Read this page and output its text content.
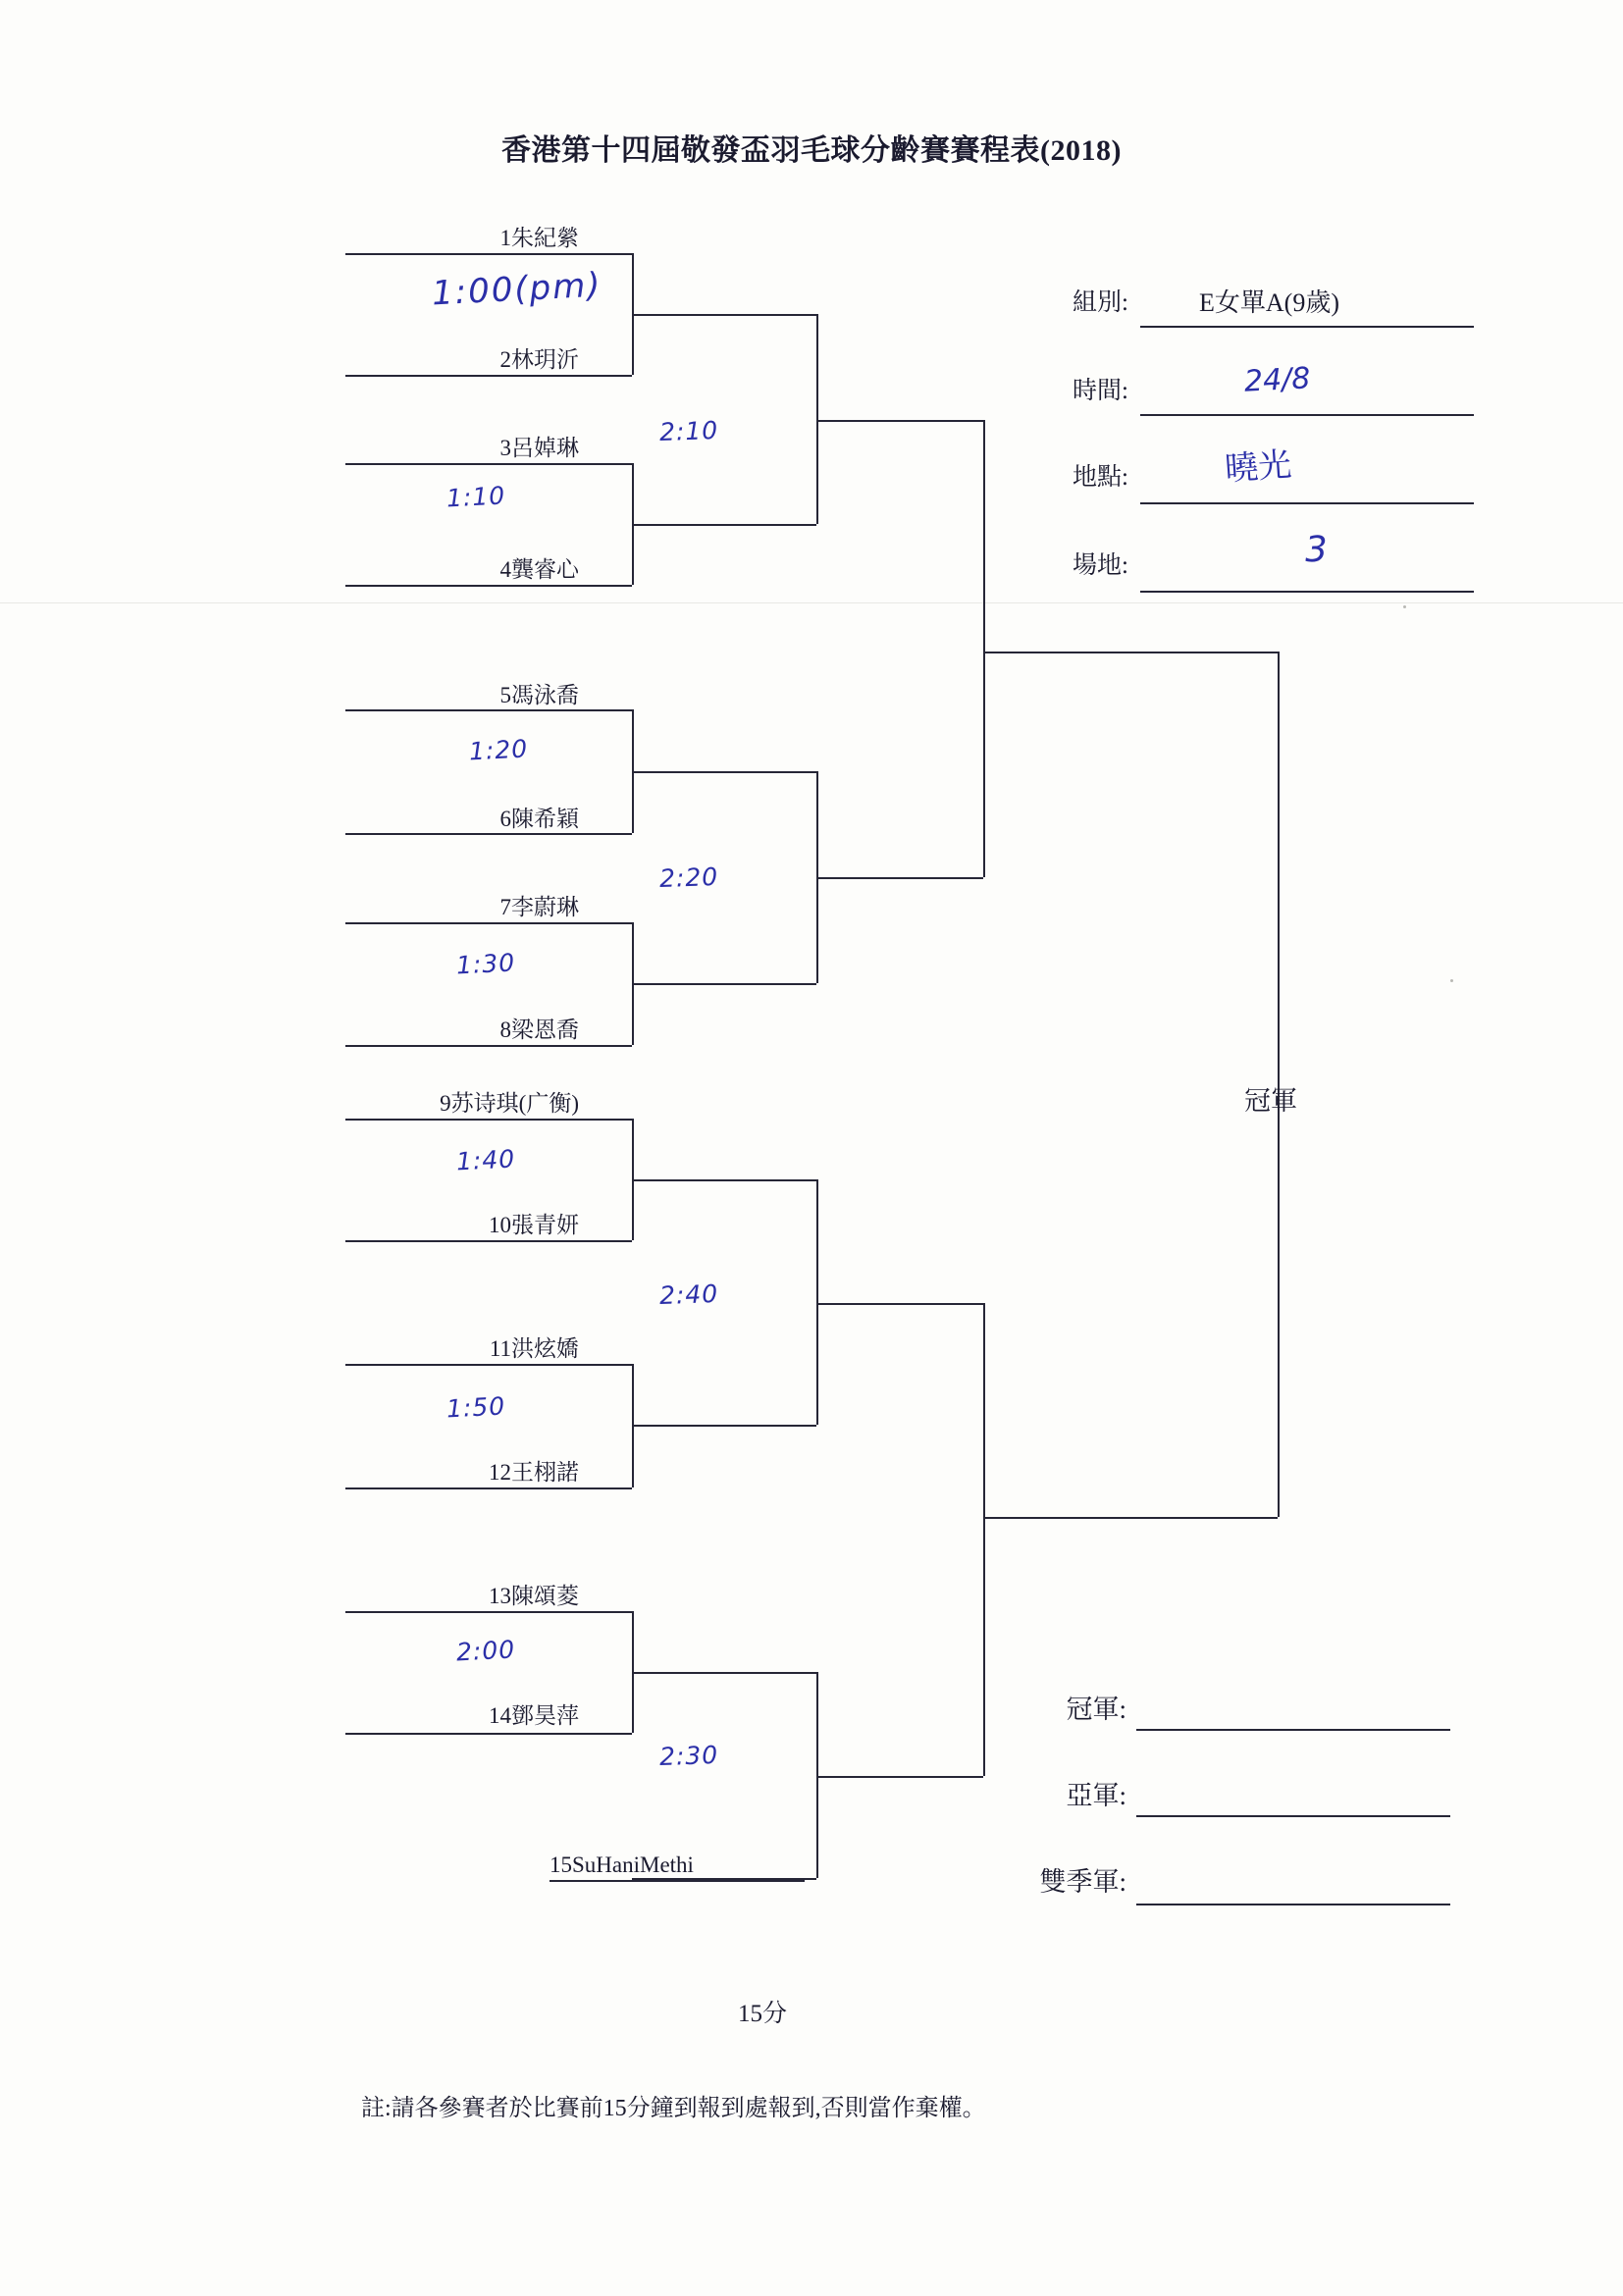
香港第十四屆敬發盃羽毛球分齡賽賽程表(2018)
1朱紀縈
2林玥沂
3呂婥琳
4龔睿心
5馮泳喬
6陳希穎
7李蔚琳
8梁恩喬
9苏诗琪(广衡)
10張青妍
11洪炫嬌
12王栩諾
13陳頌菱
14鄧昊萍
15SuHaniMethi
冠軍
1:00(pm)
1:10
1:20
1:30
1:40
1:50
2:00
2:10
2:20
2:40
2:30
組別:	E女單A(9歲)
時間:	24/8
地點:	曉光
場地:	3
冠軍:
亞軍:
雙季軍:
15分
註:請各參賽者於比賽前15分鐘到報到處報到,否則當作棄權。
